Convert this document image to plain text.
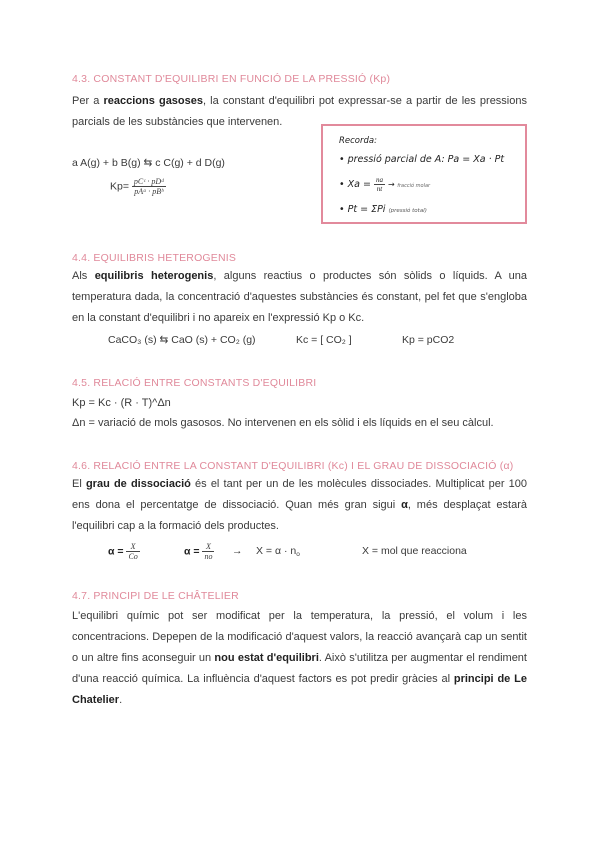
4.3. CONSTANT D'EQUILIBRI EN FUNCIÓ DE LA PRESSIÓ (Kp)
Per a reaccions gasoses, la constant d'equilibri pot expressar-se a partir de les pressions parcials de les substàncies que intervenen.
a A(g) + b B(g) ⇆ c C(g) + d D(g)
$Kp= \frac{\text{pCᶜ · pDᵈ}}{\text{pAᵃ · pBᵇ}}$
Recorda:
• pressió parcial de A: Pa = Xa · Pt
• $Xa = \frac{na}{nt}$ → fracció molar
• Pt = ΣPi (pressió total)
4.4. EQUILIBRIS HETEROGENIS
Als equilibris heterogenis, alguns reactius o productes són sòlids o líquids. A una temperatura dada, la concentració d'aquestes substàncies és constant, pel fet que s'engloba en la constant d'equilibri i no apareix en l'expressió Kp o Kc.
CaCO₃ (s) ⇆ CaO (s) + CO₂ (g)	Kc = [ CO₂ ]	Kp = pCO2
4.5. RELACIÓ ENTRE CONSTANTS D'EQUILIBRI
Kp = Kc · (R · T)^Δn
Δn = variació de mols gasosos. No intervenen en els sòlid i els líquids en el seu càlcul.
4.6. RELACIÓ ENTRE LA CONSTANT D'EQUILIBRI (Kc) I EL GRAU DE DISSOCIACIÓ (α)
El grau de dissociació és el tant per un de les molècules dissociades. Multiplicat per 100 ens dona el percentatge de dissociació. Quan més gran sigui α, més desplaçat estarà l'equilibri cap a la formació dels productes.
$\alpha = \frac{X}{Co}$	$\alpha = \frac{X}{no} \to X = \alpha \cdot n_o$	X = mol que reacciona
4.7. PRINCIPI DE LE CHÂTELIER
L'equilibri químic pot ser modificat per la temperatura, la pressió, el volum i les concentracions. Depepen de la modificació d'aquest valors, la reacció avançarà cap un sentit o un altre fins aconseguir un nou estat d'equilibri. Això s'utilitza per augmentar el rendiment d'una reacció química. La influència d'aquest factors es pot predir gràcies al principi de Le Chatelier.
